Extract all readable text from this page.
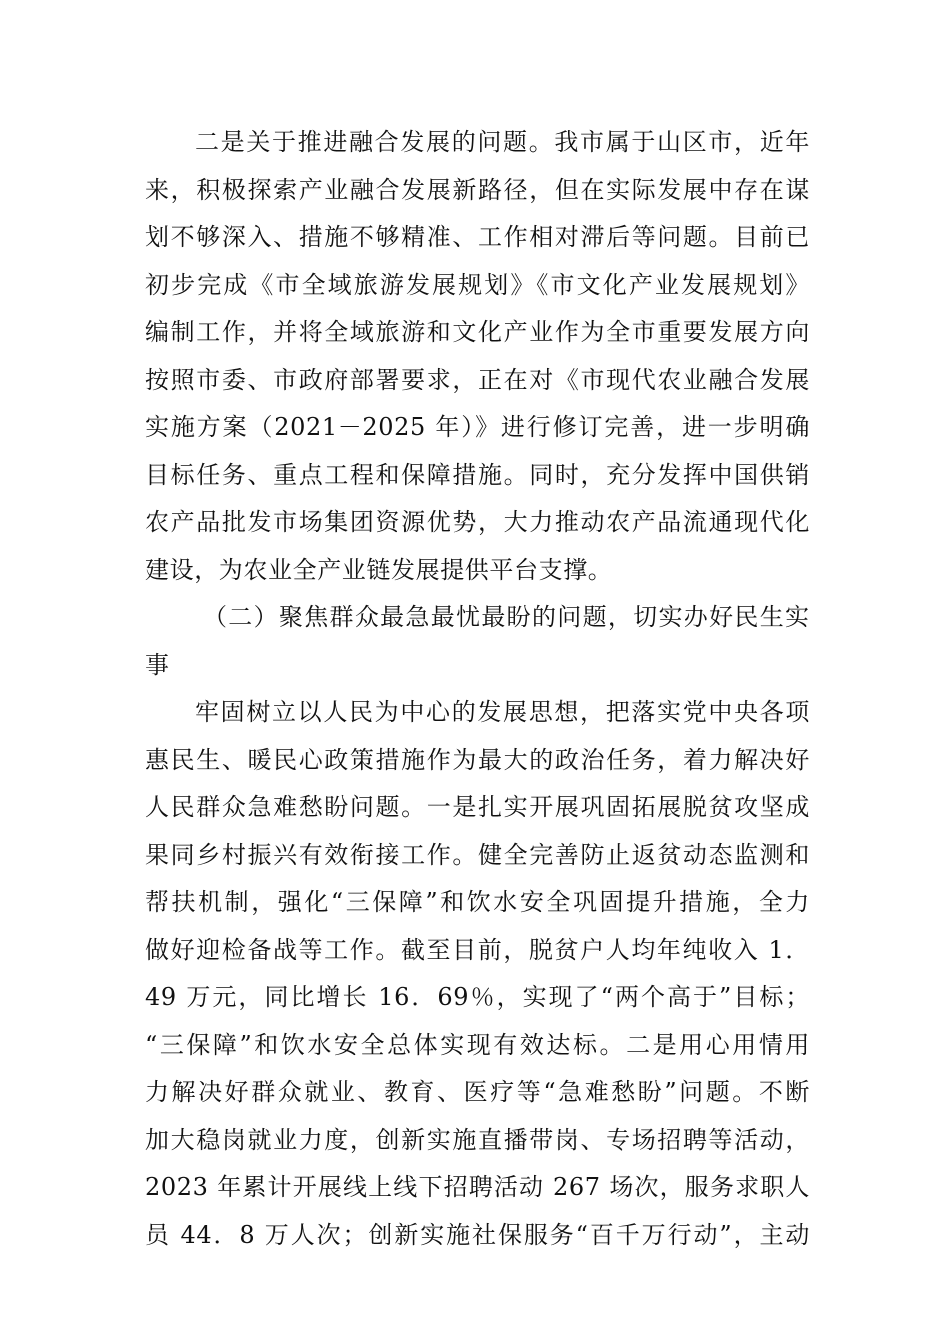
二是关于推进融合发展的问题。我市属于山区市，近年
来，积极探索产业融合发展新路径，但在实际发展中存在谋
划不够深入、措施不够精准、工作相对滞后等问题。目前已
初步完成《市全域旅游发展规划》《市文化产业发展规划》
编制工作，并将全域旅游和文化产业作为全市重要发展方向
按照市委、市政府部署要求，正在对《市现代农业融合发展
实施方案（2021－2025 年）》进行修订完善，进一步明确
目标任务、重点工程和保障措施。同时，充分发挥中国供销
农产品批发市场集团资源优势，大力推动农产品流通现代化
建设，为农业全产业链发展提供平台支撑。
（二）聚焦群众最急最忧最盼的问题，切实办好民生实
事
牢固树立以人民为中心的发展思想，把落实党中央各项
惠民生、暖民心政策措施作为最大的政治任务，着力解决好
人民群众急难愁盼问题。一是扎实开展巩固拓展脱贫攻坚成
果同乡村振兴有效衔接工作。健全完善防止返贫动态监测和
帮扶机制，强化“三保障”和饮水安全巩固提升措施，全力
做好迎检备战等工作。截至目前，脱贫户人均年纯收入 1．
49 万元，同比增长 16．69％，实现了“两个高于”目标；
“三保障”和饮水安全总体实现有效达标。二是用心用情用
力解决好群众就业、教育、医疗等“急难愁盼”问题。不断
加大稳岗就业力度，创新实施直播带岗、专场招聘等活动，
2023 年累计开展线上线下招聘活动 267 场次，服务求职人
员 44．8 万人次；创新实施社保服务“百千万行动”，主动
